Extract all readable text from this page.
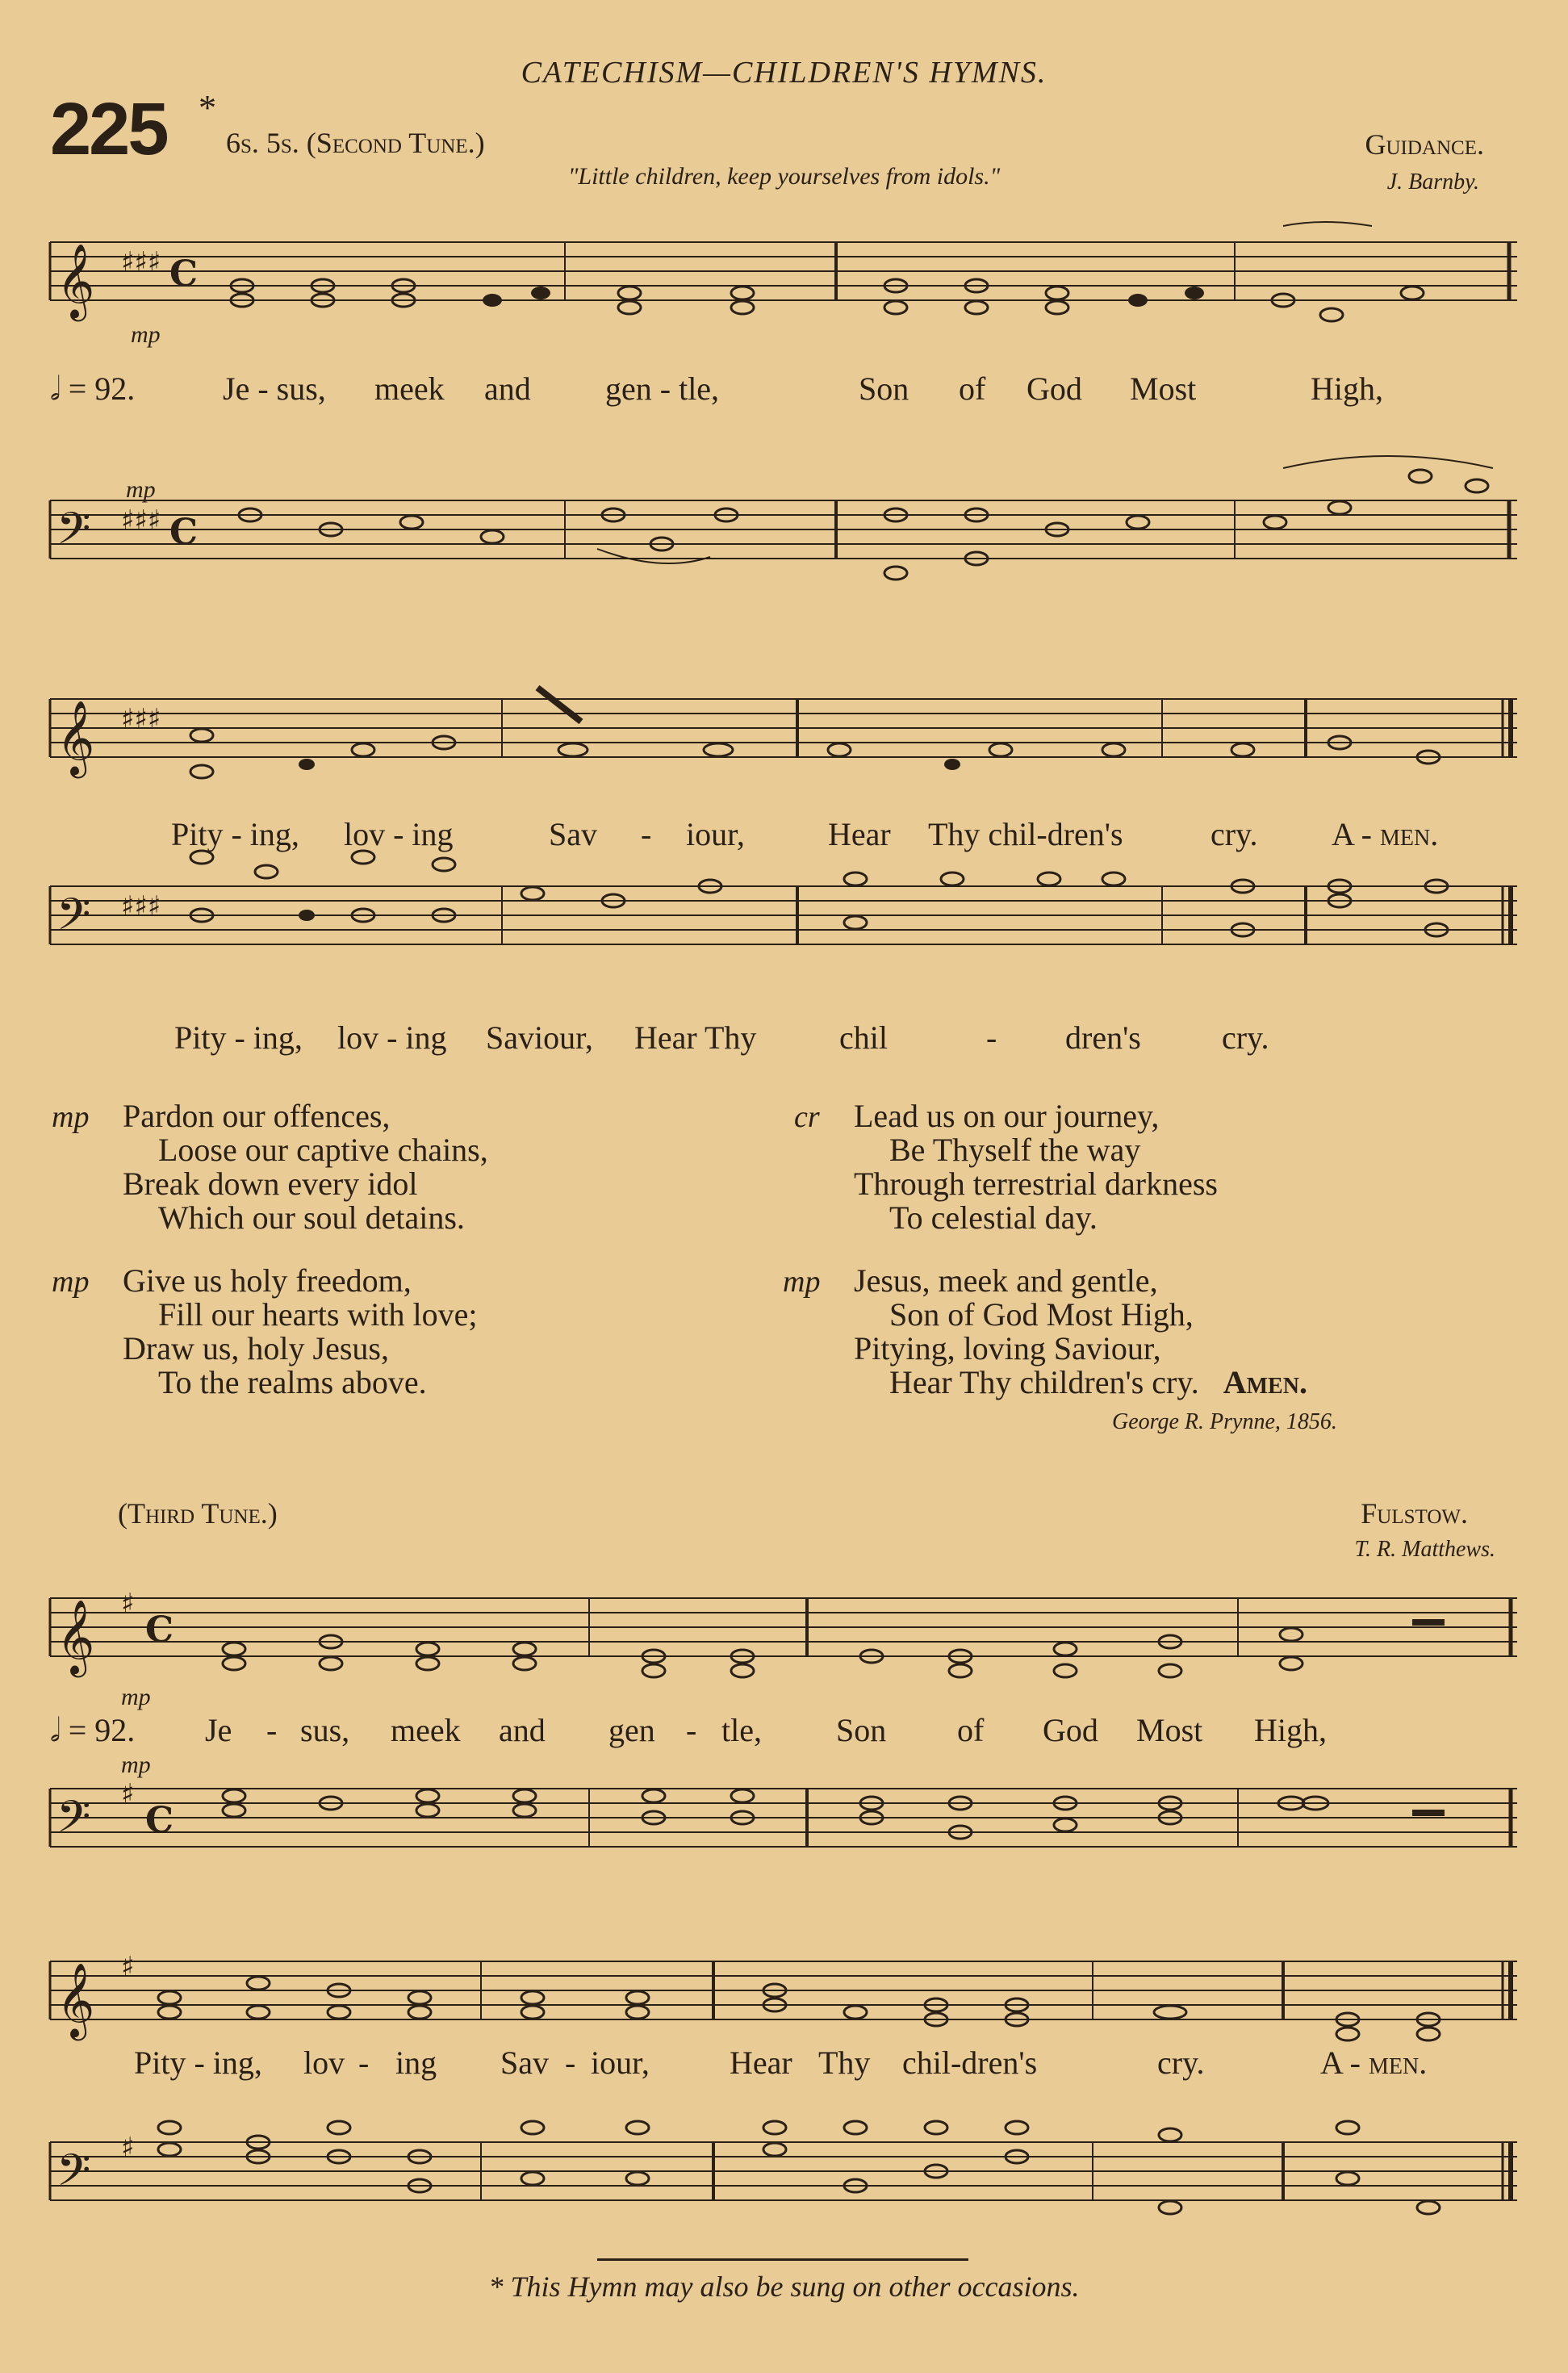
CATECHISM—CHILDREN'S HYMNS.
225 *
6s. 5s. (Second Tune.)
"Little children, keep yourselves from idols."
Guidance.
J. Barnby.
𝄞
𝄢
♯♯♯
♯♯♯
C
C
mp
𝅗𝅥 = 92.	Je - sus, meek and gen - tle,	Son of God Most	High,
mp
𝄞
𝄢
♯♯♯
♯♯♯
Pity - ing, lov - ing	Sav - iour,	Hear Thy chil-dren's	cry. A - men.
Pity - ing, lov - ing Saviour, Hear Thy	chil	- dren's	cry.
mp Pardon our offences,
Loose our captive chains,
Break down every idol
Which our soul detains.
mp Give us holy freedom,
Fill our hearts with love;
Draw us, holy Jesus,
To the realms above.
cr Lead us on our journey,
Be Thyself the way
Through terrestrial darkness
To celestial day.
mp Jesus, meek and gentle,
Son of God Most High,
Pitying, loving Saviour,
Hear Thy children's cry. Amen.
George R. Prynne, 1856.
(Third Tune.)	Fulstow.
T. R. Matthews.
𝄞
𝄢
♯
♯
C
C
mp
𝅗𝅥 = 92. Je - sus, meek and gen - tle, Son of God Most High,
mp
𝄞
𝄢
♯
♯
Pity - ing, lov - ing Sav - iour, Hear Thy chil-dren's	cry.	A - men.
* This Hymn may also be sung on other occasions.
